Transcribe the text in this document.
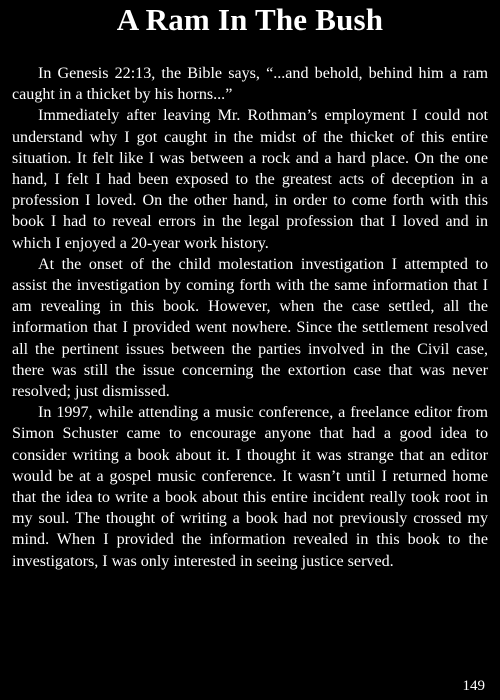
A Ram In The Bush

In Genesis 22:13, the Bible says, “...and behold, behind him a ram caught in a thicket by his horns...”

Immediately after leaving Mr. Rothman’s employment I could not understand why I got caught in the midst of the thicket of this entire situation. It felt like I was between a rock and a hard place. On the one hand, I felt I had been exposed to the greatest acts of deception in a profession I loved. On the other hand, in order to come forth with this book I had to reveal errors in the legal profession that I loved and in which I enjoyed a 20-year work history.

At the onset of the child molestation investigation I attempted to assist the investigation by coming forth with the same information that I am revealing in this book. However, when the case settled, all the information that I provided went nowhere. Since the settlement resolved all the pertinent issues between the parties involved in the Civil case, there was still the issue concerning the extortion case that was never resolved; just dismissed.

In 1997, while attending a music conference, a freelance editor from Simon Schuster came to encourage anyone that had a good idea to consider writing a book about it. I thought it was strange that an editor would be at a gospel music conference. It wasn’t until I returned home that the idea to write a book about this entire incident really took root in my soul. The thought of writing a book had not previously crossed my mind. When I provided the information revealed in this book to the investigators, I was only interested in seeing justice served.

149
